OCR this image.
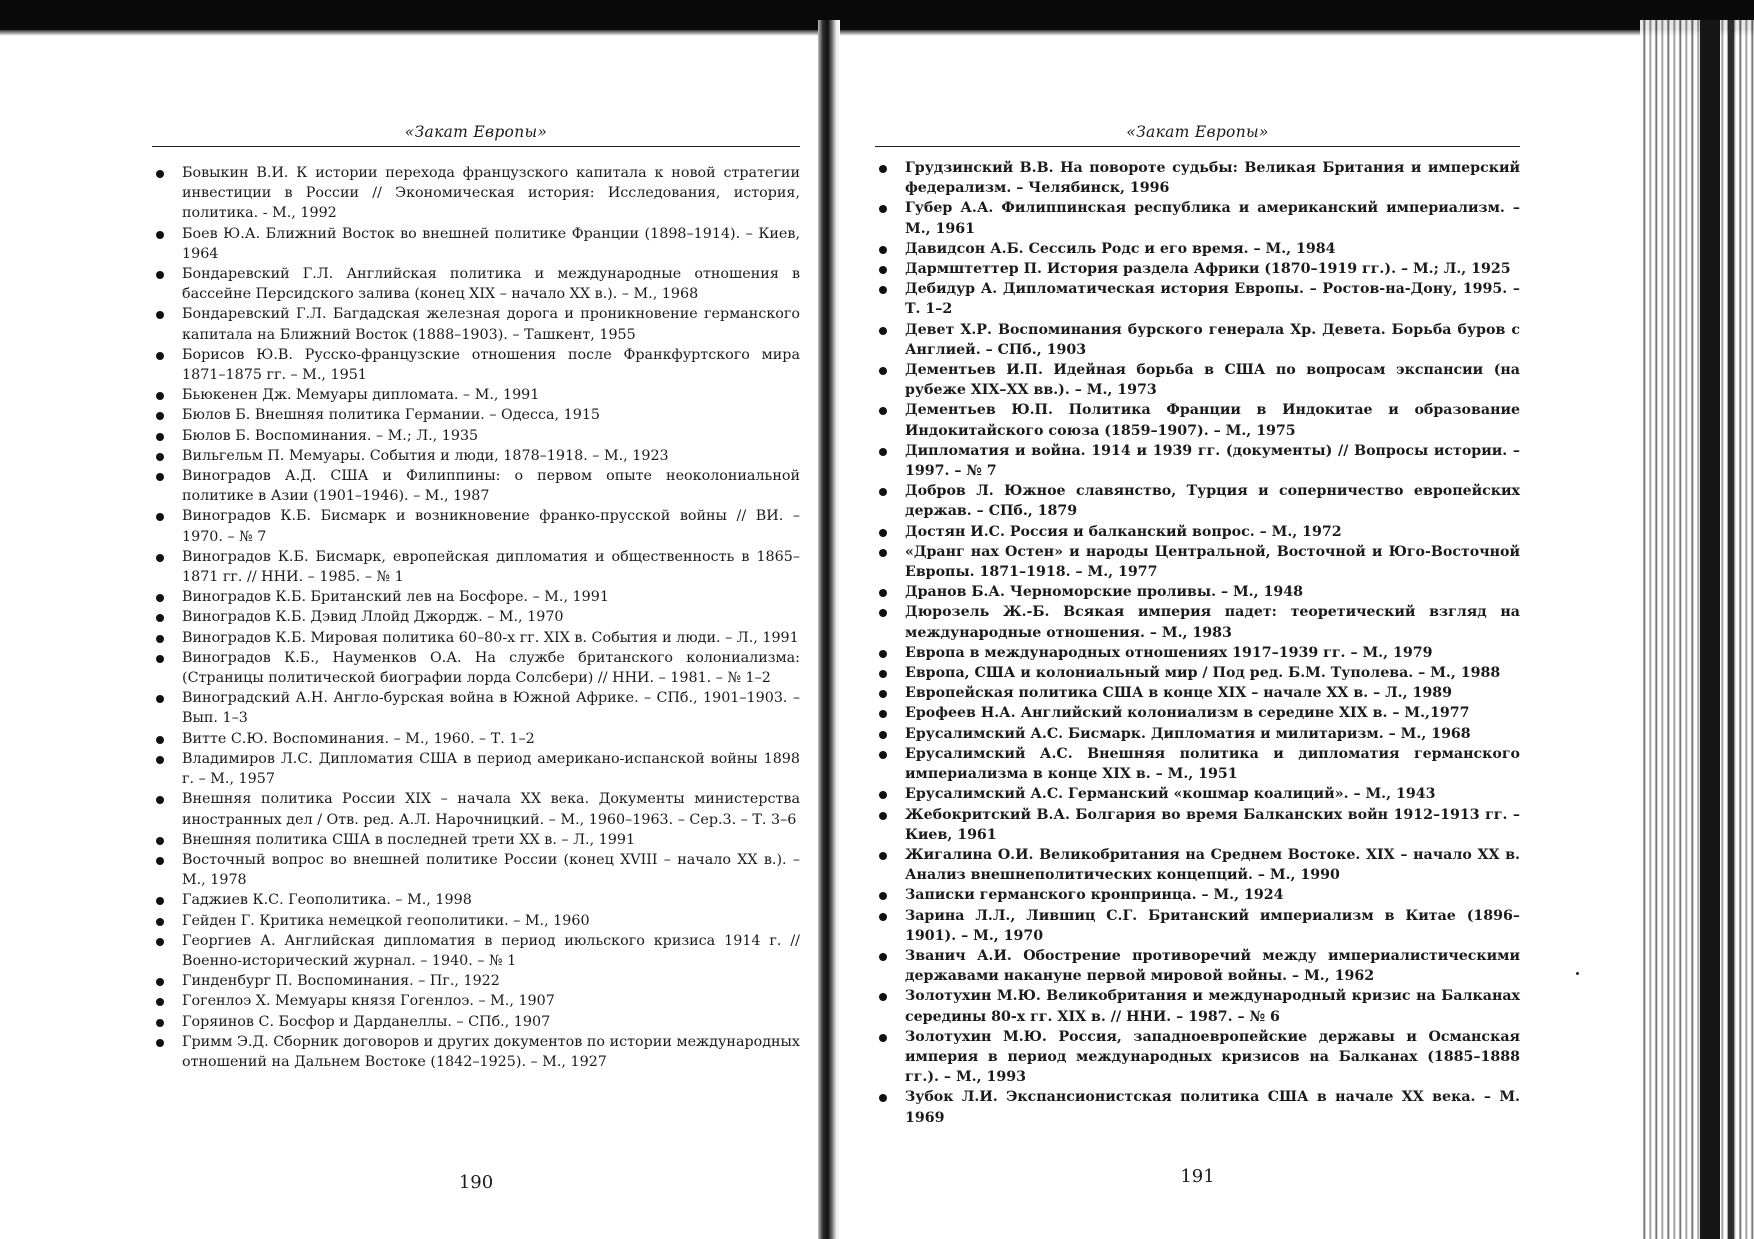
«Закат Европы»
Бовыкин В.И. К истории перехода французского капитала к новой стратегии инвестиции в России // Экономическая история: Исследования, история, политика. - М., 1992
Боев Ю.А. Ближний Восток во внешней политике Франции (1898–1914). – Киев, 1964
Бондаревский Г.Л. Английская политика и международные отношения в бассейне Персидского залива (конец XIX – начало XX в.). – М., 1968
Бондаревский Г.Л. Багдадская железная дорога и проникновение германского капитала на Ближний Восток (1888–1903). – Ташкент, 1955
Борисов Ю.В. Русско-французские отношения после Франкфуртского мира 1871–1875 гг. – М., 1951
Бьюкенен Дж. Мемуары дипломата. – М., 1991
Бюлов Б. Внешняя политика Германии. – Одесса, 1915
Бюлов Б. Воспоминания. – М.; Л., 1935
Вильгельм П. Мемуары. События и люди, 1878–1918. – М., 1923
Виноградов А.Д. США и Филиппины: о первом опыте неоколониальной политике в Азии (1901–1946). – М., 1987
Виноградов К.Б. Бисмарк и возникновение франко-прусской войны // ВИ. – 1970. – № 7
Виноградов К.Б. Бисмарк, европейская дипломатия и общественность в 1865–1871 гг. // ННИ. – 1985. – № 1
Виноградов К.Б. Британский лев на Босфоре. – М., 1991
Виноградов К.Б. Дэвид Ллойд Джордж. – М., 1970
Виноградов К.Б. Мировая политика 60–80-х гг. XIX в. События и люди. – Л., 1991
Виноградов К.Б., Науменков О.А. На службе британского колониализма: (Страницы политической биографии лорда Солсбери) // ННИ. – 1981. – № 1–2
Виноградский А.Н. Англо-бурская война в Южной Африке. – СПб., 1901–1903. – Вып. 1–3
Витте С.Ю. Воспоминания. – М., 1960. – Т. 1–2
Владимиров Л.С. Дипломатия США в период американо-испанской войны 1898 г. – М., 1957
Внешняя политика России XIX – начала XX века. Документы министерства иностранных дел / Отв. ред. А.Л. Нарочницкий. – М., 1960–1963. – Сер.3. – Т. 3–6
Внешняя политика США в последней трети XX в. – Л., 1991
Восточный вопрос во внешней политике России (конец XVIII – начало XX в.). – М., 1978
Гаджиев К.С. Геополитика. – М., 1998
Гейден Г. Критика немецкой геополитики. – М., 1960
Георгиев А. Английская дипломатия в период июльского кризиса 1914 г. // Военно-исторический журнал. – 1940. – № 1
Гинденбург П. Воспоминания. – Пг., 1922
Гогенлоэ Х. Мемуары князя Гогенлоэ. – М., 1907
Горяинов С. Босфор и Дарданеллы. – СПб., 1907
Гримм Э.Д. Сборник договоров и других документов по истории международных отношений на Дальнем Востоке (1842–1925). – М., 1927
190
«Закат Европы»
Грудзинский В.В. На повороте судьбы: Великая Британия и имперский федерализм. – Челябинск, 1996
Губер А.А. Филиппинская республика и американский империализм. – М., 1961
Давидсон А.Б. Сессиль Родс и его время. – М., 1984
Дармштеттер П. История раздела Африки (1870–1919 гг.). – М.; Л., 1925
Дебидур А. Дипломатическая история Европы. – Ростов-на-Дону, 1995. – Т. 1–2
Девет Х.Р. Воспоминания бурского генерала Хр. Девета. Борьба буров с Англией. – СПб., 1903
Дементьев И.П. Идейная борьба в США по вопросам экспансии (на рубеже XIX–XX вв.). – М., 1973
Дементьев Ю.П. Политика Франции в Индокитае и образование Индокитайского союза (1859–1907). – М., 1975
Дипломатия и война. 1914 и 1939 гг. (документы) // Вопросы истории. – 1997. – № 7
Добров Л. Южное славянство, Турция и соперничество европейских держав. – СПб., 1879
Достян И.С. Россия и балканский вопрос. – М., 1972
«Дранг нах Остен» и народы Центральной, Восточной и Юго-Восточной Европы. 1871–1918. – М., 1977
Дранов Б.А. Черноморские проливы. – М., 1948
Дюрозель Ж.-Б. Всякая империя падет: теоретический взгляд на международные отношения. – М., 1983
Европа в международных отношениях 1917–1939 гг. – М., 1979
Европа, США и колониальный мир / Под ред. Б.М. Туполева. – М., 1988
Европейская политика США в конце XIX – начале XX в. – Л., 1989
Ерофеев Н.А. Английский колониализм в середине XIX в. – М.,1977
Ерусалимский А.С. Бисмарк. Дипломатия и милитаризм. – М., 1968
Ерусалимский А.С. Внешняя политика и дипломатия германского империализма в конце XIX в. – М., 1951
Ерусалимский А.С. Германский «кошмар коалиций». – М., 1943
Жебокритский В.А. Болгария во время Балканских войн 1912–1913 гг. – Киев, 1961
Жигалина О.И. Великобритания на Среднем Востоке. XIX – начало XX в. Анализ внешнеполитических концепций. – М., 1990
Записки германского кронпринца. – М., 1924
Зарина Л.Л., Лившиц С.Г. Британский империализм в Китае (1896–1901). – М., 1970
Званич А.И. Обострение противоречий между империалистическими державами накануне первой мировой войны. – М., 1962
Золотухин М.Ю. Великобритания и международный кризис на Балканах середины 80-х гг. XIX в. // ННИ. – 1987. – № 6
Золотухин М.Ю. Россия, западноевропейские державы и Османская империя в период международных кризисов на Балканах (1885–1888 гг.). – М., 1993
Зубок Л.И. Экспансионистская политика США в начале XX века. – М. 1969
191
